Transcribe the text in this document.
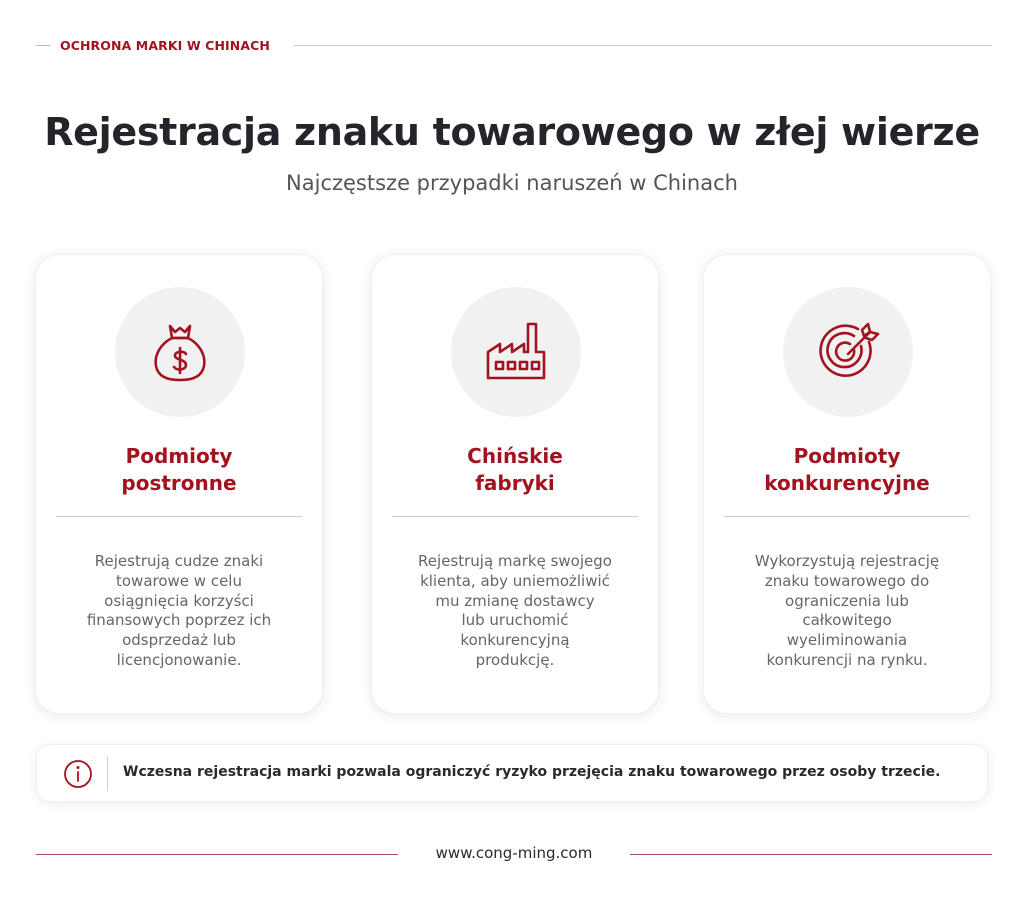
OCHRONA MARKI W CHINACH
Rejestracja znaku towarowego w złej wierze
Najczęstsze przypadki naruszeń w Chinach
Podmioty
postronne
Rejestrują cudze znaki
towarowe w celu
osiągnięcia korzyści
finansowych poprzez ich
odsprzedaż lub
licencjonowanie.
Chińskie
fabryki
Rejestrują markę swojego
klienta, aby uniemożliwić
mu zmianę dostawcy
lub uruchomić
konkurencyjną
produkcję.
Podmioty
konkurencyjne
Wykorzystują rejestrację
znaku towarowego do
ograniczenia lub
całkowitego
wyeliminowania
konkurencji na rynku.
Wczesna rejestracja marki pozwala ograniczyć ryzyko przejęcia znaku towarowego przez osoby trzecie.
www.cong-ming.com
